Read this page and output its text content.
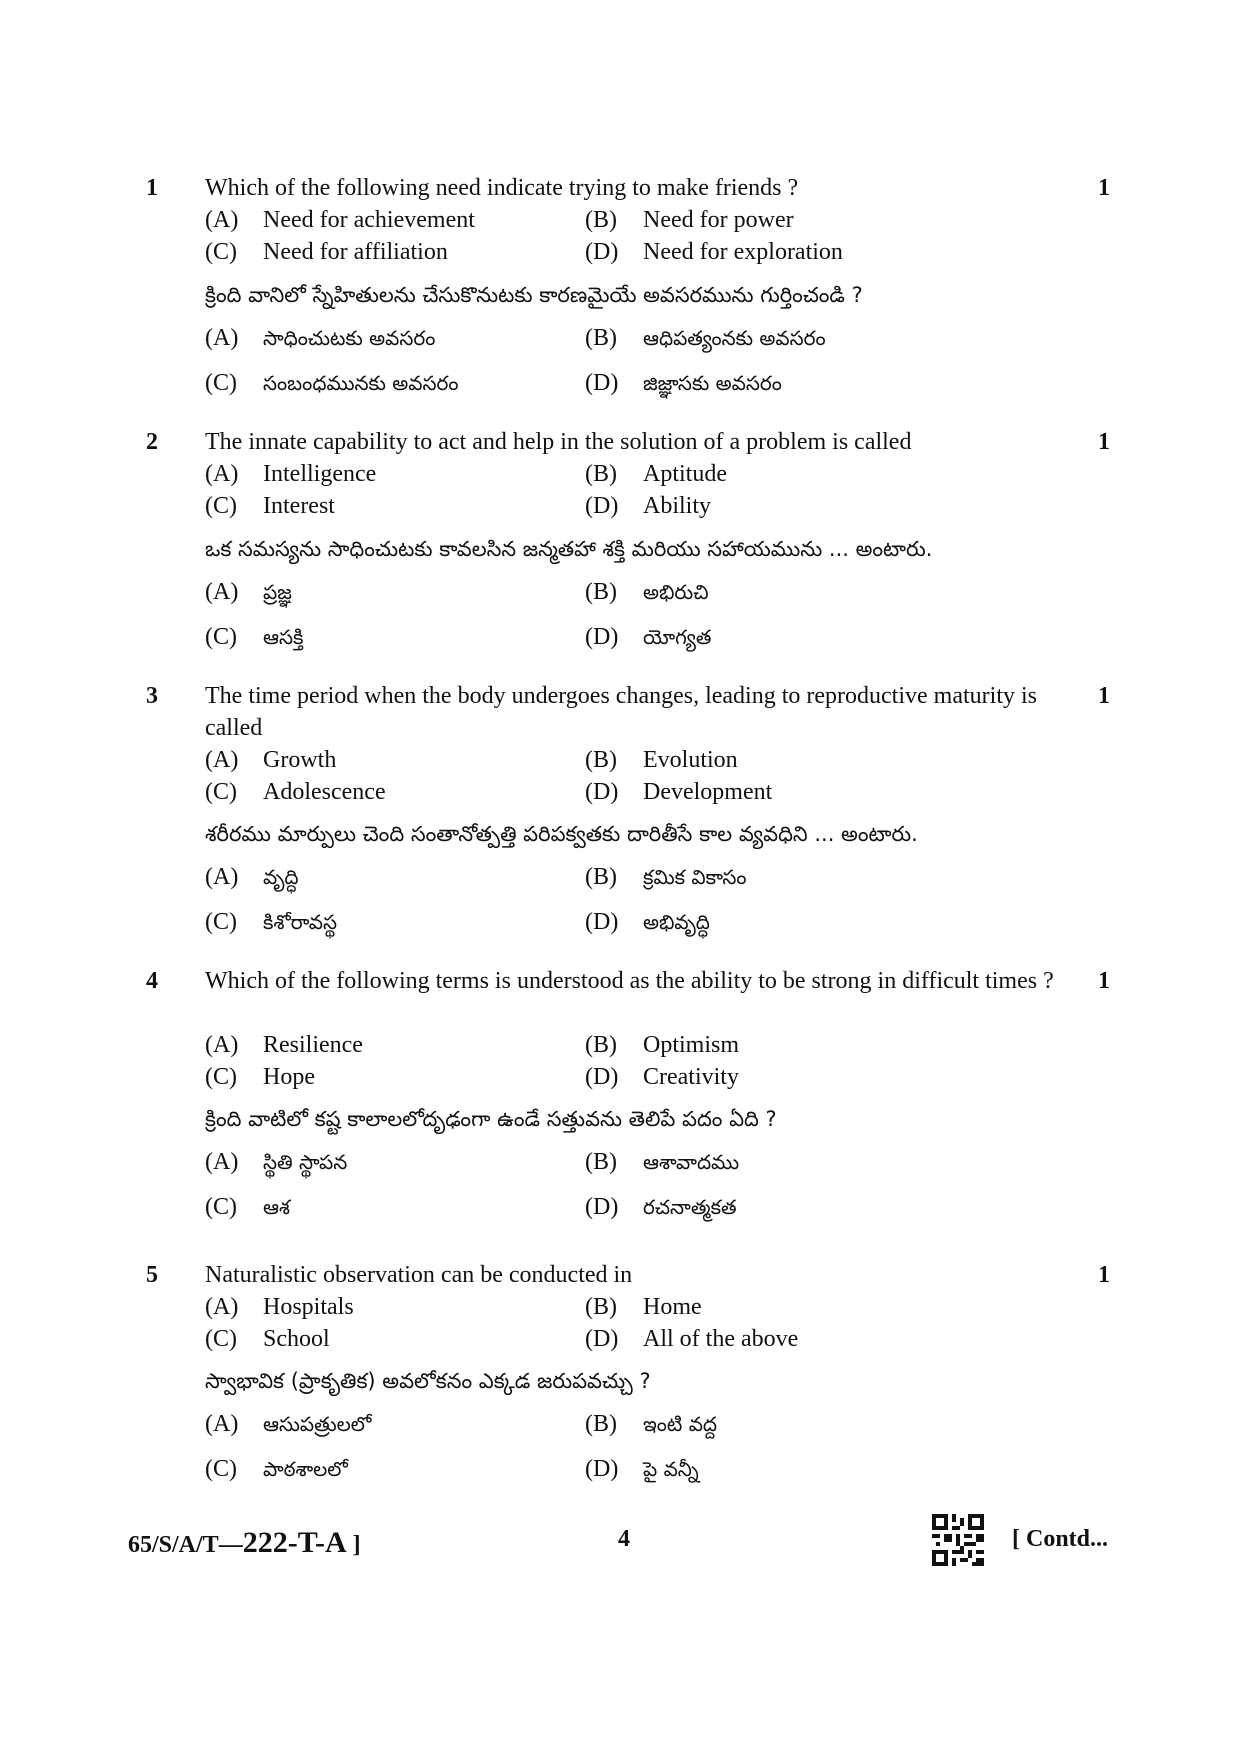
1 Which of the following need indicate trying to make friends ?	1
(A) Need for achievement	(B) Need for power
(C) Need for affiliation	(D) Need for exploration
క్రింది వానిలో స్నేహితులను చేసుకొనుటకు కారణమైయే అవసరమును గుర్తించండి ?
(A) సాధించుటకు అవసరం	(B) ఆధిపత్యంనకు అవసరం
(C) సంబంధమునకు అవసరం	(D) జిజ్ఞాసకు అవసరం
2 The innate capability to act and help in the solution of a problem is called	1
(A) Intelligence	(B) Aptitude
(C) Interest	(D) Ability
ఒక సమస్యను సాధించుటకు కావలసిన జన్మతహా శక్తి మరియు సహాయమును ... అంటారు.
(A) ప్రజ్ఞ	(B) అభిరుచి
(C) ఆసక్తి	(D) యోగ్యత
3 The time period when the body undergoes changes, leading to reproductive maturity is called
1
(A) Growth	(B) Evolution
(C) Adolescence	(D) Development
శరీరము మార్పులు చెంది సంతానోత్పత్తి పరిపక్వతకు దారితీసే కాల వ్యవధిని ... అంటారు.
(A) వృద్ధి	(B) క్రమిక వికాసం
(C) కిశోరావస్థ	(D) అభివృద్ధి
4 Which of the following terms is understood as the ability to be strong in difficult times ? 1
(A) Resilience	(B) Optimism
(C) Hope	(D) Creativity
క్రింది వాటిలో కష్ట కాలాలలోదృఢంగా ఉండే సత్తువను తెలిపే పదం ఏది ?
(A) స్థితి స్థాపన	(B) ఆశావాదము
(C) ఆశ	(D) రచనాత్మకత
5 Naturalistic observation can be conducted in	1
(A) Hospitals	(B) Home
(C) School	(D) All of the above
స్వాభావిక (ప్రాకృతిక) అవలోకనం ఎక్కడ జరుపవచ్చు ?
(A) ఆసుపత్రులలో	(B) ఇంటి వద్ద
(C) పాఠశాలలో	(D) పై వన్నీ
65/S/A/T—222-T-A ]	4	[ Contd...
